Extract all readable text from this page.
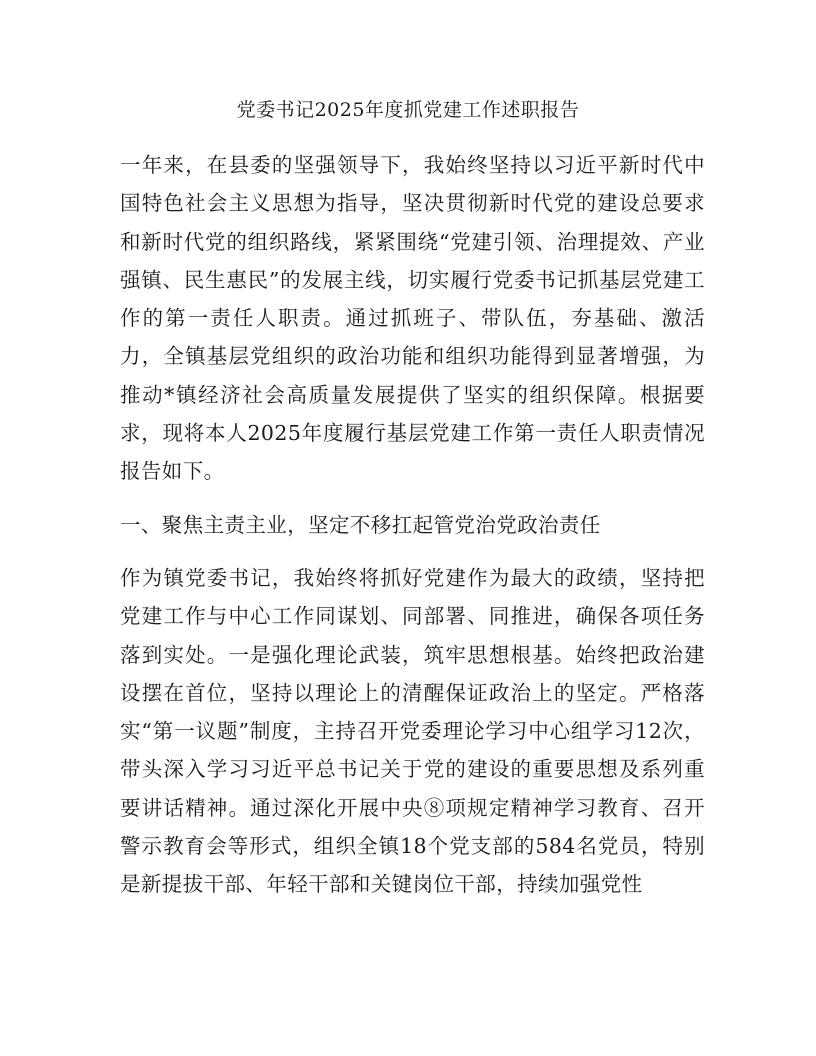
党委书记2025年度抓党建工作述职报告

一年来，在县委的坚强领导下，我始终坚持以习近平新时代中国特色社会主义思想为指导，坚决贯彻新时代党的建设总要求和新时代党的组织路线，紧紧围绕“党建引领、治理提效、产业强镇、民生惠民”的发展主线，切实履行党委书记抓基层党建工作的第一责任人职责。通过抓班子、带队伍，夯基础、激活力，全镇基层党组织的政治功能和组织功能得到显著增强，为推动*镇经济社会高质量发展提供了坚实的组织保障。根据要求，现将本人2025年度履行基层党建工作第一责任人职责情况报告如下。

一、聚焦主责主业，坚定不移扛起管党治党政治责任

作为镇党委书记，我始终将抓好党建作为最大的政绩，坚持把党建工作与中心工作同谋划、同部署、同推进，确保各项任务落到实处。一是强化理论武装，筑牢思想根基。始终把政治建设摆在首位，坚持以理论上的清醒保证政治上的坚定。严格落实“第一议题”制度，主持召开党委理论学习中心组学习12次，带头深入学习习近平总书记关于党的建设的重要思想及系列重要讲话精神。通过深化开展中央⑧项规定精神学习教育、召开警示教育会等形式，组织全镇18个党支部的584名党员，特别是新提拔干部、年轻干部和关键岗位干部，持续加强党性
